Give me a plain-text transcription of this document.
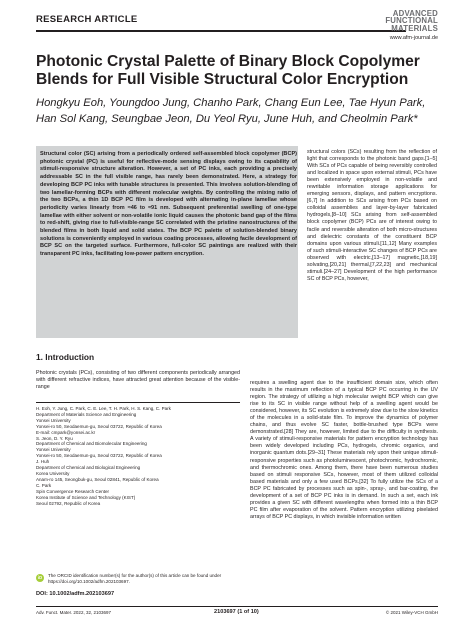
RESEARCH ARTICLE
ADVANCED
FUNCTIONAL
MATERIALS
www.afm-journal.de
Photonic Crystal Palette of Binary Block Copolymer Blends for Full Visible Structural Color Encryption

Hongkyu Eoh, Youngdoo Jung, Chanho Park, Chang Eun Lee, Tae Hyun Park, Han Sol Kang, Seungbae Jeon, Du Yeol Ryu, June Huh, and Cheolmin Park*

Structural color (SC) arising from a periodically ordered self-assembled block copolymer (BCP) photonic crystal (PC) is useful for reflective-mode sensing displays owing to its capability of stimuli-responsive structure alteration. However, a set of PC inks, each providing a precisely addressable SC in the full visible range, has rarely been demonstrated. Here, a strategy for developing BCP PC inks with tunable structures is presented. This involves solution-blending of two lamellar-forming BCPs with different molecular weights. By controlling the mixing ratio of the two BCPs, a thin 1D BCP PC film is developed with alternating in-plane lamellae whose periodicity varies linearly from ≈46 to ≈91 nm. Subsequent preferential swelling of one-type lamellae with either solvent or non-volatile ionic liquid causes the photonic band gap of the films to red-shift, giving rise to full-visible-range SC correlated with the pristine nanostructures of the blended films in both liquid and solid states. The BCP PC palette of solution-blended binary solutions is conveniently employed in various coating processes, allowing facile development of BCP SC on the targeted surface. Furthermore, full-color SC paintings are realized with their transparent PC inks, facilitating low-power pattern encryption.

structural colors (SCs) resulting from the reflection of light that corresponds to the photonic band gaps.[1–5] With SCs of PCs capable of being reversibly controlled and localized in space upon external stimuli, PCs have been extensively employed in non-volatile and rewritable information storage applications for emerging sensors, displays, and pattern encryptions.[6,7] In addition to SCs arising from PCs based on colloidal assemblies and layer-by-layer fabricated hydrogels,[8–10] SCs arising from self-assembled block copolymer (BCP) PCs are of interest owing to facile and reversible alteration of both micro-structures and dielectric constants of the constituent BCP domains upon various stimuli.[11,12] Many examples of such stimuli-interactive SC changes of BCP PCs are observed with electric,[13–17] magnetic,[18,19] solvating,[20,21] thermal,[7,22,23] and mechanical stimuli.[24–27] Development of the high performance SC of BCP PCs, however,

1. Introduction

Photonic crystals (PCs), consisting of two different components periodically arranged with different refractive indices, have attracted great attention because of the visible-range

H. Eoh, Y. Jung, C. Park, C. E. Lee, T. H. Park, H. S. Kang, C. Park
Department of Materials Science and Engineering
Yonsei University
Yonsei-ro 50, Seodaemun-gu, Seoul 03722, Republic of Korea
E-mail: cmpark@yonsei.ac.kr
S. Jeon, D. Y. Ryu
Department of Chemical and Biomolecular Engineering
Yonsei University
Yonsei-ro 50, Seodaemun-gu, Seoul 03722, Republic of Korea
J. Huh
Department of Chemical and Biological Engineering
Korea University
Anam-ro 145, Seongbuk-gu, Seoul 02841, Republic of Korea
C. Park
Spin Convergence Research Center
Korea Institute of Science and Technology (KIST)
Seoul 02792, Republic of Korea
iD	The ORCID identification number(s) for the author(s) of this article can be found under https://doi.org/10.1002/adfm.202103697.

DOI: 10.1002/adfm.202103697

requires a swelling agent due to the insufficient domain size, which often results in the maximum reflection of a typical BCP PC occurring in the UV region. The strategy of utilizing a high molecular weight BCP which can give rise to its SC in visible range without help of a swelling agent would be considered, however, its SC evolution is extremely slow due to the slow kinetics of the molecules in a solid-state film. To improve the dynamics of polymer chains, and thus evolve SC faster, bottle-brushed type BCPs were demonstrated.[28] They are, however, limited due to the difficulty in synthesis. A variety of stimuli-responsive materials for pattern encryption technology has been widely developed including PCs, hydrogels, chromic organics, and inorganic quantum dots.[29–31] These materials rely upon their unique stimuli-responsive properties such as photoluminescent, photochromic, hydrochromic, and thermochromic ones. Among them, there have been numerous studies based on stimuli responsive SCs, however, most of them utilized colloidal based materials and only a few used BCPs.[32] To fully utilize the SCs of a BCP PC fabricated by processes such as spin-, spray-, and bar-coating, the development of a set of BCP PC inks is in demand. In such a set, each ink provides a given SC with different wavelengths when formed into a thin BCP PC film after evaporation of the solvent. Pattern encryption utilizing pixelated arrays of BCP PC displays, in which invisible information written

Adv. Funct. Mater. 2022, 32, 2103697	2103697 (1 of 10)	© 2021 Wiley-VCH GmbH
